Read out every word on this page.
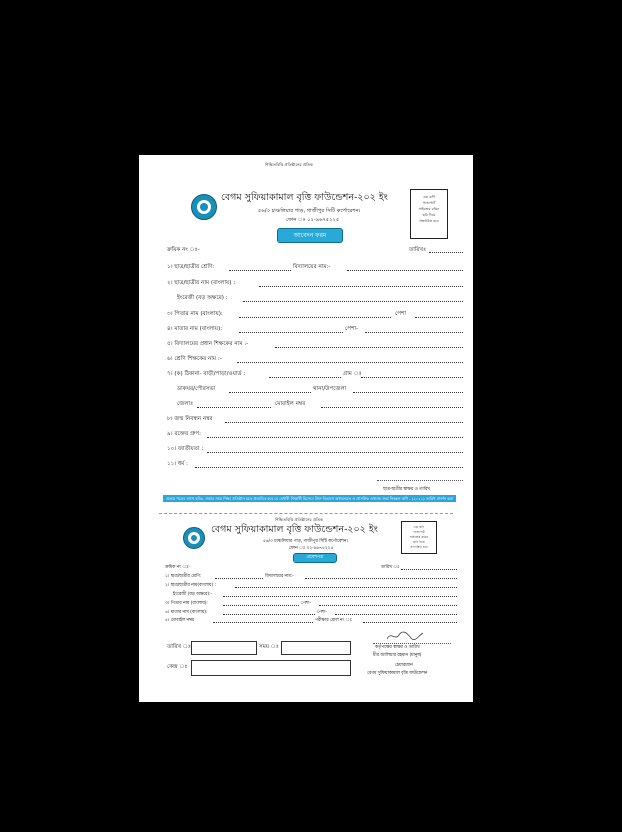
শিক্ষিতবিত্তি প্রতিষ্ঠানের প্রতিক
বেগম সুফিয়াকামাল বৃত্তি ফাউন্ডেশন-২০২ ইং
৫৬/৩ চাঞ্চলিয়ার পাড়, গাজীপুর সিটি কর্পোরেশন।
ফোন ঃ ০২-৯৬৭৫২২৫
এক কপি
পাসপোর্ট
সাইজের রঙিন
ছবি দিয়ে
সত্যায়িত হবে
আবেদন ফরম
ক্রমিক নং ঃ-	তারিখঃ
১। ছাত্র/ছাত্রীর শ্রেণি:	বিদ্যালয়ের নাম:-
২। ছাত্র/ছাত্রীর নাম (বাংলায়) :
ইংরেজী (বড় অক্ষরে) :
৩। পিতার নাম (বাংলায়):	পেশা
৪। মাতার নাম (বাংলায়):	পেশা-
৫। বিদ্যালয়ের প্রধান শিক্ষকের নাম :-
৬। শ্রেণি শিক্ষকের নাম :-
৭। (ক) ঠিকানা- বাড়ী/পাড়া/ওয়ার্ড :	গ্রাম ঃ
ডাকঘর/পৌরসভা	থানা/উপজেলা
জেলাঃ	মোবাইল নম্বর
৮। জন্ম নিবন্ধন নম্বর
৯। রক্তের গ্রুপ:
১০। জাতীয়তা :
১১। ধর্ম :
ছাত্র-ছাত্রীর স্বাক্ষর ও তারিখ
প্রত্যয় পত্রের সাথে ছবিঃ- জমার সময় শিক্ষা প্রতিষ্ঠান হতে প্রত্যয়িত হবে যে মেধাবী শিক্ষার্থী হিসেবে উক্ত বিভাগে অধ্যয়নরত ও প্রাসঙ্গিক তথ্যসহ জন্ম নিবন্ধন কপি - (২০২১) তারিখ প্রদর্শন করা হয়েছে।
শিক্ষিতবিত্তি প্রতিষ্ঠানের প্রতিক
বেগম সুফিয়াকামাল বৃত্তি ফাউন্ডেশন-২০২ ইং
৫৬/৩ চাঞ্চলিয়ার পাড়, গাজীপুর সিটি কর্পোরেশন।
ফোন ঃ ০২-৯৬৭৫২২৫
এক কপি
পাসপোর্ট
সাইজের রঙিন
ছবি দিয়ে
সত্যায়িত হবে
প্রবেশপত্র
ক্রমিক নং ঃ-	তারিখ ঃ
১। ছাত্র/ছাত্রীর শ্রেণি:	বিদ্যালয়ের নাম:-
২। ছাত্র/ছাত্রীর নাম(বাংলায়) :
ইংরেজী (বড় অক্ষরে):-
৩। পিতার নাম (বাংলায়):	পেশা-
৪। মাতার নাম (বাংলায়):	পেশা-
৫। মোবাইল নম্বর	পরীক্ষার রোল নং ঃ
তারিখ ঃ	সময় ঃ
কেন্দ্র ঃ
কর্তৃপক্ষের স্বাক্ষর ও তারিখ
মীর আলিয়ার রহমান (মানুষ)
চেয়ারম্যান
বেগম সুফিয়াকামাল বৃত্তি ফাউন্ডেশন
